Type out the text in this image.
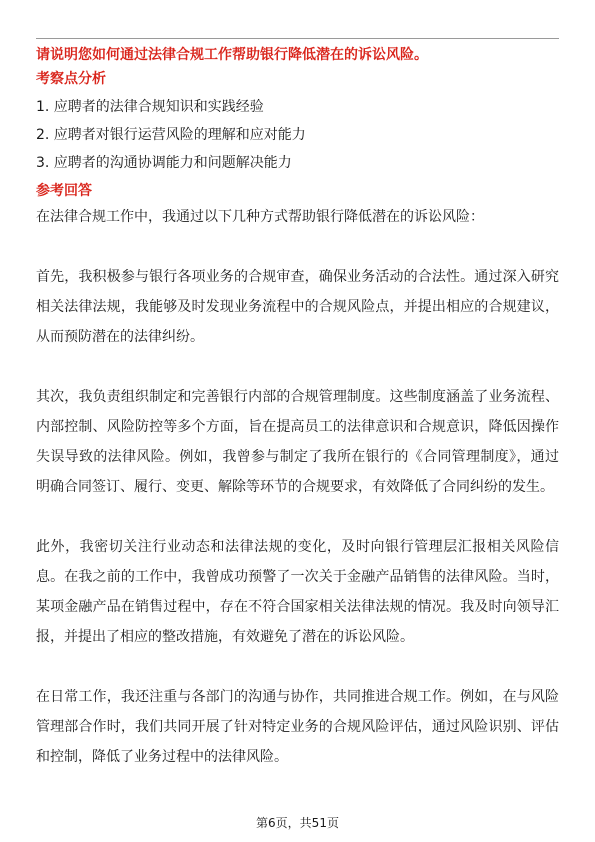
请说明您如何通过法律合规工作帮助银行降低潜在的诉讼风险。
考察点分析
1. 应聘者的法律合规知识和实践经验
2. 应聘者对银行运营风险的理解和应对能力
3. 应聘者的沟通协调能力和问题解决能力
参考回答

在法律合规工作中，我通过以下几种方式帮助银行降低潜在的诉讼风险：

首先，我积极参与银行各项业务的合规审查，确保业务活动的合法性。通过深入研究相关法律法规，我能够及时发现业务流程中的合规风险点，并提出相应的合规建议，从而预防潜在的法律纠纷。

其次，我负责组织制定和完善银行内部的合规管理制度。这些制度涵盖了业务流程、内部控制、风险防控等多个方面，旨在提高员工的法律意识和合规意识，降低因操作失误导致的法律风险。例如，我曾参与制定了我所在银行的《合同管理制度》，通过明确合同签订、履行、变更、解除等环节的合规要求，有效降低了合同纠纷的发生。

此外，我密切关注行业动态和法律法规的变化，及时向银行管理层汇报相关风险信息。在我之前的工作中，我曾成功预警了一次关于金融产品销售的法律风险。当时，某项金融产品在销售过程中，存在不符合国家相关法律法规的情况。我及时向领导汇报，并提出了相应的整改措施，有效避免了潜在的诉讼风险。

在日常工作，我还注重与各部门的沟通与协作，共同推进合规工作。例如，在与风险管理部合作时，我们共同开展了针对特定业务的合规风险评估，通过风险识别、评估和控制，降低了业务过程中的法律风险。

第6页，共51页
